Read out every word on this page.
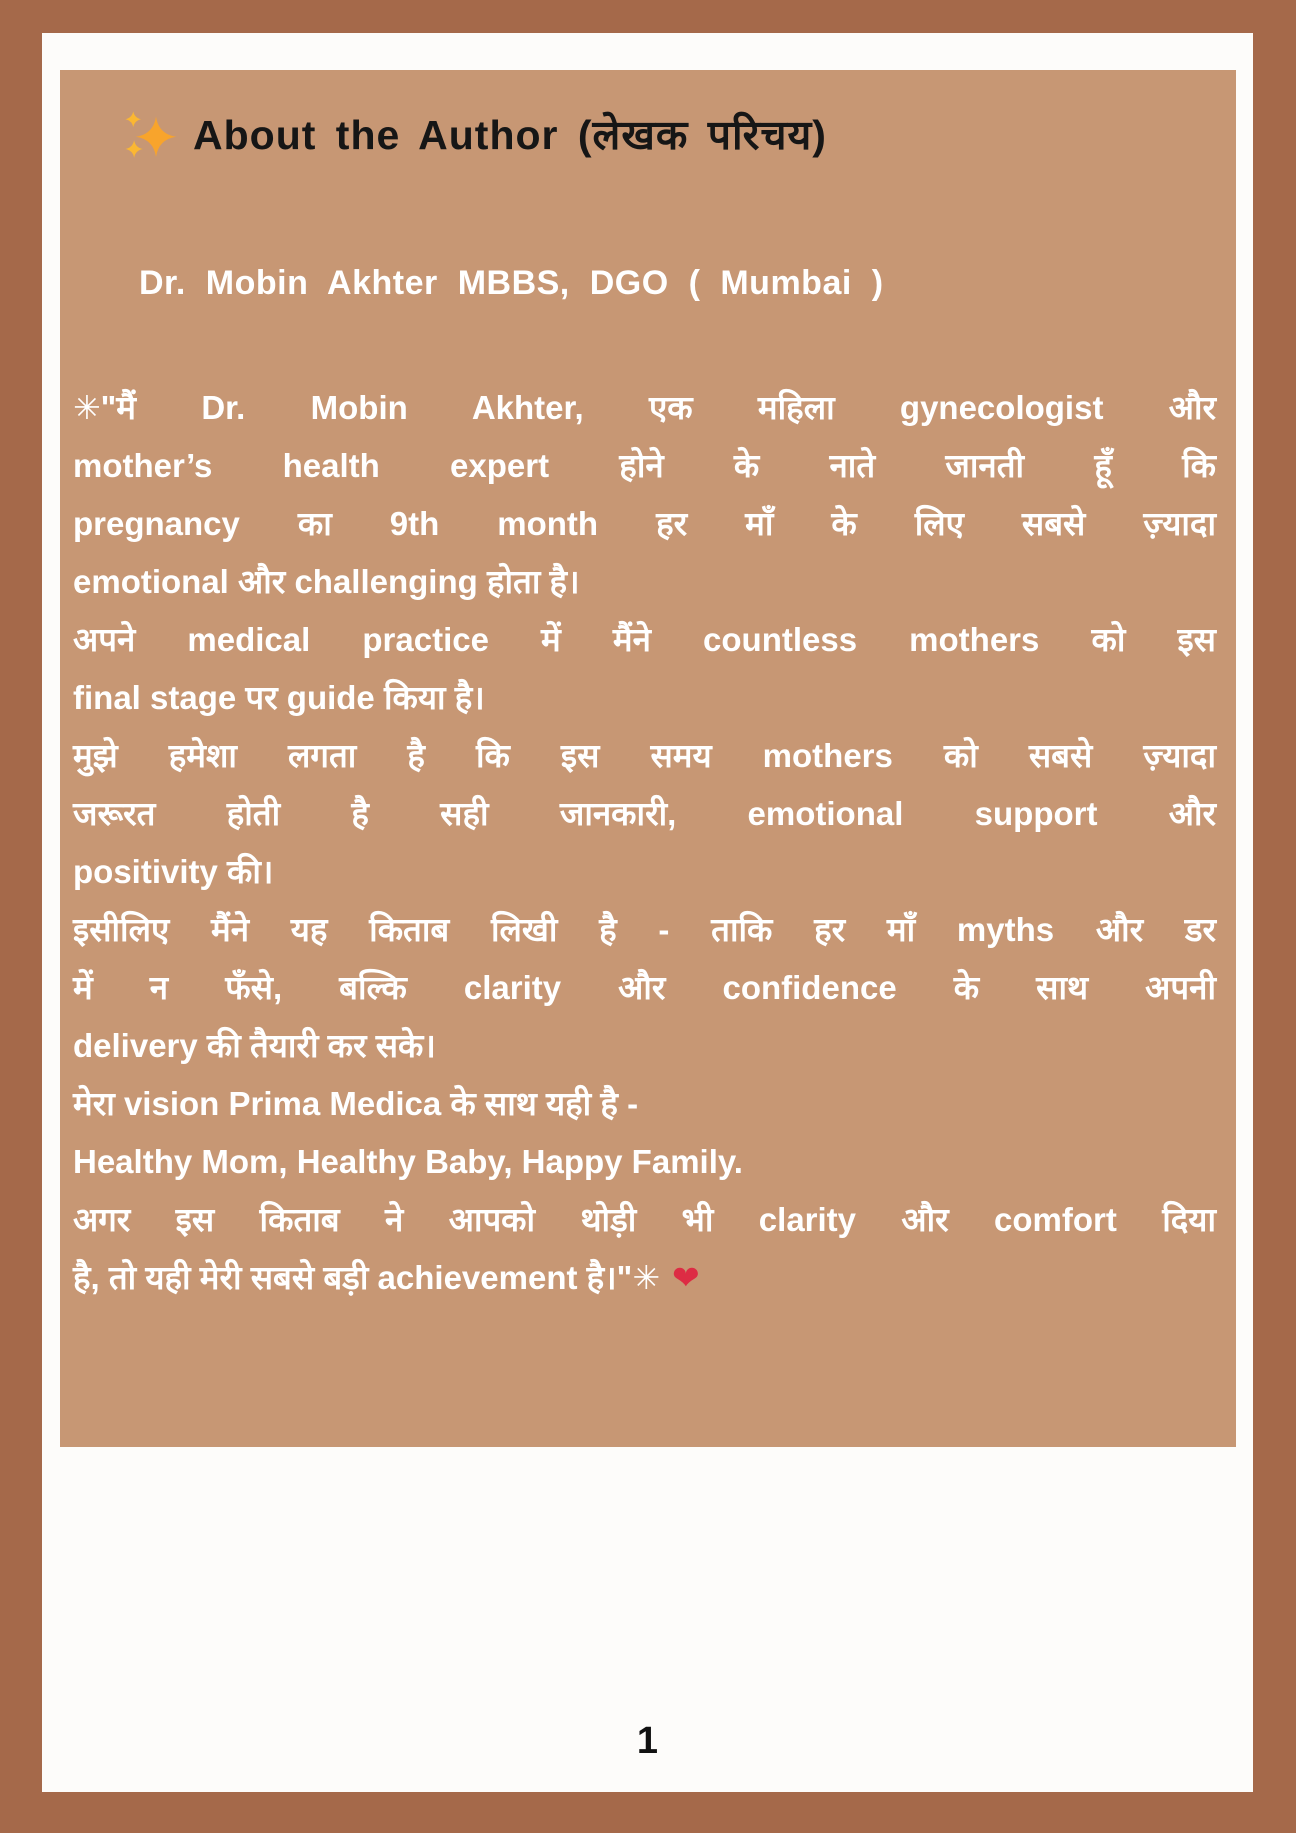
About the Author (लेखक परिचय)
Dr. Mobin Akhter MBBS, DGO ( Mumbai )
✳"मैं Dr. Mobin Akhter, एक महिला gynecologist और
mother’s health expert होने के नाते जानती हूँ कि
pregnancy का 9th month हर माँ के लिए सबसे ज़्यादा
emotional और challenging होता है।
अपने medical practice में मैंने countless mothers को इस
final stage पर guide किया है।
मुझे हमेशा लगता है कि इस समय mothers को सबसे ज़्यादा
जरूरत होती है सही जानकारी, emotional support और
positivity की।
इसीलिए मैंने यह किताब लिखी है - ताकि हर माँ myths और डर
में न फँसे, बल्कि clarity और confidence के साथ अपनी
delivery की तैयारी कर सके।
मेरा vision Prima Medica के साथ यही है -
Healthy Mom, Healthy Baby, Happy Family.
अगर इस किताब ने आपको थोड़ी भी clarity और comfort दिया
है, तो यही मेरी सबसे बड़ी achievement है।"✳ ❤
1
